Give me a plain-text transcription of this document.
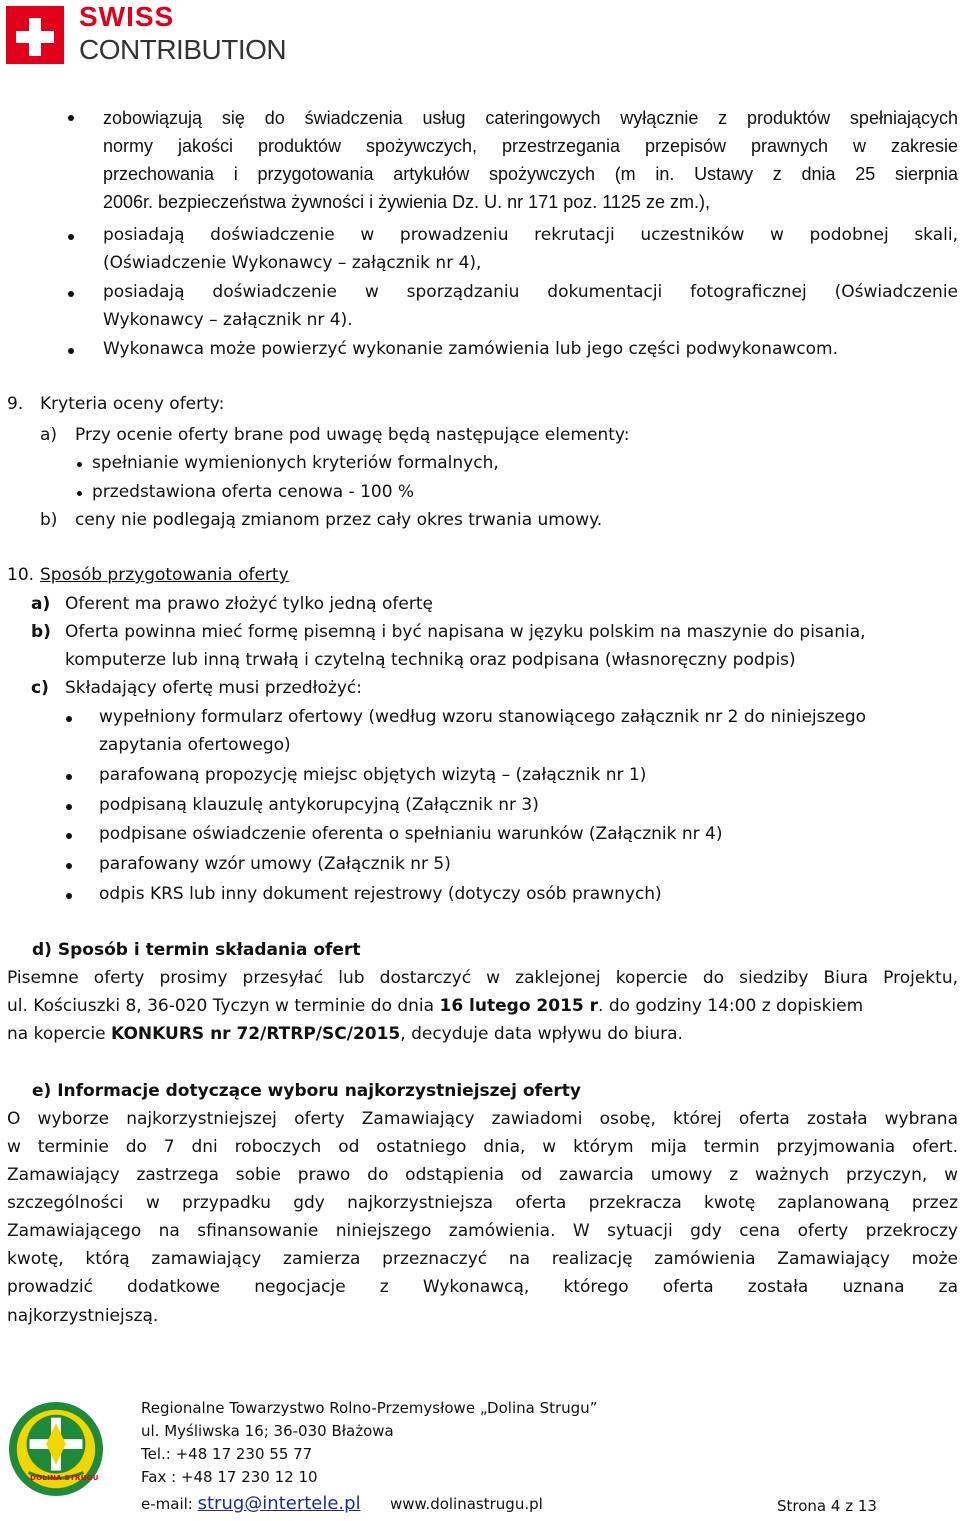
SWISS
CONTRIBUTION
zobowiązują się do świadczenia usług cateringowych wyłącznie z produktów spełniających
normy jakości produktów spożywczych, przestrzegania przepisów prawnych w zakresie
przechowania i przygotowania artykułów spożywczych (m in. Ustawy z dnia 25 sierpnia
2006r. bezpieczeństwa żywności i żywienia Dz. U. nr 171 poz. 1125 ze zm.),
posiadają doświadczenie w prowadzeniu rekrutacji uczestników w podobnej skali,
(Oświadczenie Wykonawcy – załącznik nr 4),
posiadają doświadczenie w sporządzaniu dokumentacji fotograficznej (Oświadczenie
Wykonawcy – załącznik nr 4).
Wykonawca może powierzyć wykonanie zamówienia lub jego części podwykonawcom.
9. Kryteria oceny oferty:
a) Przy ocenie oferty brane pod uwagę będą następujące elementy:
spełnianie wymienionych kryteriów formalnych,
przedstawiona oferta cenowa - 100 %
b) ceny nie podlegają zmianom przez cały okres trwania umowy.
10. Sposób przygotowania oferty
a) Oferent ma prawo złożyć tylko jedną ofertę
b) Oferta powinna mieć formę pisemną i być napisana w języku polskim na maszynie do pisania,
komputerze lub inną trwałą i czytelną techniką oraz podpisana (własnoręczny podpis)
c) Składający ofertę musi przedłożyć:
wypełniony formularz ofertowy (według wzoru stanowiącego załącznik nr 2 do niniejszego
zapytania ofertowego)
parafowaną propozycję miejsc objętych wizytą – (załącznik nr 1)
podpisaną klauzulę antykorupcyjną (Załącznik nr 3)
podpisane oświadczenie oferenta o spełnianiu warunków (Załącznik nr 4)
parafowany wzór umowy (Załącznik nr 5)
odpis KRS lub inny dokument rejestrowy (dotyczy osób prawnych)
d) Sposób i termin składania ofert
Pisemne oferty prosimy przesyłać lub dostarczyć w zaklejonej kopercie do siedziby Biura Projektu,
ul. Kościuszki 8, 36-020 Tyczyn w terminie do dnia 16 lutego 2015 r. do godziny 14:00 z dopiskiem
na kopercie KONKURS nr 72/RTRP/SC/2015, decyduje data wpływu do biura.
e) Informacje dotyczące wyboru najkorzystniejszej oferty
O wyborze najkorzystniejszej oferty Zamawiający zawiadomi osobę, której oferta została wybrana
w terminie do 7 dni roboczych od ostatniego dnia, w którym mija termin przyjmowania ofert.
Zamawiający zastrzega sobie prawo do odstąpienia od zawarcia umowy z ważnych przyczyn, w
szczególności w przypadku gdy najkorzystniejsza oferta przekracza kwotę zaplanowaną przez
Zamawiającego na sfinansowanie niniejszego zamówienia. W sytuacji gdy cena oferty przekroczy
kwotę, którą zamawiający zamierza przeznaczyć na realizację zamówienia Zamawiający może
prowadzić dodatkowe negocjacje z Wykonawcą, którego oferta została uznana za
najkorzystniejszą.
DOLINA STRUGU
Regionalne Towarzystwo Rolno-Przemysłowe „Dolina Strugu”
ul. Myśliwska 16; 36-030 Błażowa
Tel.: +48 17 230 55 77
Fax : +48 17 230 12 10
e-mail: strug@intertele.pl www.dolinastrugu.pl	Strona 4 z 13
